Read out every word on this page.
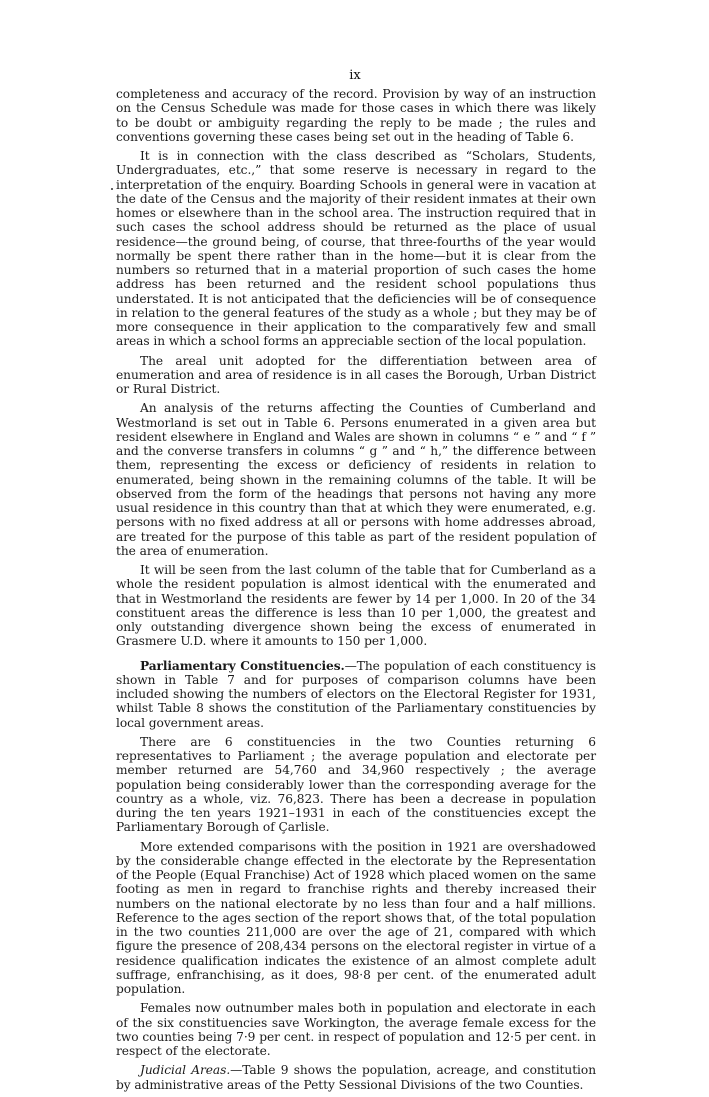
ix

completeness and accuracy of the record. Provision by way of an instruction on the Census Schedule was made for those cases in which there was likely to be doubt or ambiguity regarding the reply to be made ; the rules and conventions governing these cases being set out in the heading of Table 6.

It is in connection with the class described as “Scholars, Students, Undergraduates, etc.,” that some reserve is necessary in regard to the interpretation of the enquiry. Boarding Schools in general were in vacation at the date of the Census and the majority of their resident inmates at their own homes or elsewhere than in the school area. The instruction required that in such cases the school address should be returned as the place of usual residence—the ground being, of course, that three-fourths of the year would normally be spent there rather than in the home—but it is clear from the numbers so returned that in a material proportion of such cases the home address has been returned and the resident school populations thus understated. It is not anticipated that the deficiencies will be of consequence in relation to the general features of the study as a whole ; but they may be of more consequence in their application to the comparatively few and small areas in which a school forms an appreciable section of the local population.

The areal unit adopted for the differentiation between area of enumeration and area of residence is in all cases the Borough, Urban District or Rural District.

An analysis of the returns affecting the Counties of Cumberland and Westmorland is set out in Table 6. Persons enumerated in a given area but resident elsewhere in England and Wales are shown in columns “ e ” and “ f ” and the converse transfers in columns “ g ” and “ h,” the difference between them, representing the excess or deficiency of residents in relation to enumerated, being shown in the remaining columns of the table. It will be observed from the form of the headings that persons not having any more usual residence in this country than that at which they were enumerated, e.g. persons with no fixed address at all or persons with home addresses abroad, are treated for the purpose of this table as part of the resident population of the area of enumeration.

It will be seen from the last column of the table that for Cumberland as a whole the resident population is almost identical with the enumerated and that in Westmorland the residents are fewer by 14 per 1,000. In 20 of the 34 constituent areas the difference is less than 10 per 1,000, the greatest and only outstanding divergence shown being the excess of enumerated in Grasmere U.D. where it amounts to 150 per 1,000.

Parliamentary Constituencies.—The population of each constituency is shown in Table 7 and for purposes of comparison columns have been included showing the numbers of electors on the Electoral Register for 1931, whilst Table 8 shows the constitution of the Parliamentary constituencies by local government areas.

There are 6 constituencies in the two Counties returning 6 representatives to Parliament ; the average population and electorate per member returned are 54,760 and 34,960 respectively ; the average population being considerably lower than the corresponding average for the country as a whole, viz. 76,823. There has been a decrease in population during the ten years 1921–1931 in each of the constituencies except the Parliamentary Borough of Çarlisle.

More extended comparisons with the position in 1921 are overshadowed by the considerable change effected in the electorate by the Representation of the People (Equal Franchise) Act of 1928 which placed women on the same footing as men in regard to franchise rights and thereby increased their numbers on the national electorate by no less than four and a half millions. Reference to the ages section of the report shows that, of the total population in the two counties 211,000 are over the age of 21, compared with which figure the presence of 208,434 persons on the electoral register in virtue of a residence qualification indicates the existence of an almost complete adult suffrage, enfranchising, as it does, 98·8 per cent. of the enumerated adult population.

Females now outnumber males both in population and electorate in each of the six constituencies save Workington, the average female excess for the two counties being 7·9 per cent. in respect of population and 12·5 per cent. in respect of the electorate.

Judicial Areas.—Table 9 shows the population, acreage, and constitution by administrative areas of the Petty Sessional Divisions of the two Counties.
